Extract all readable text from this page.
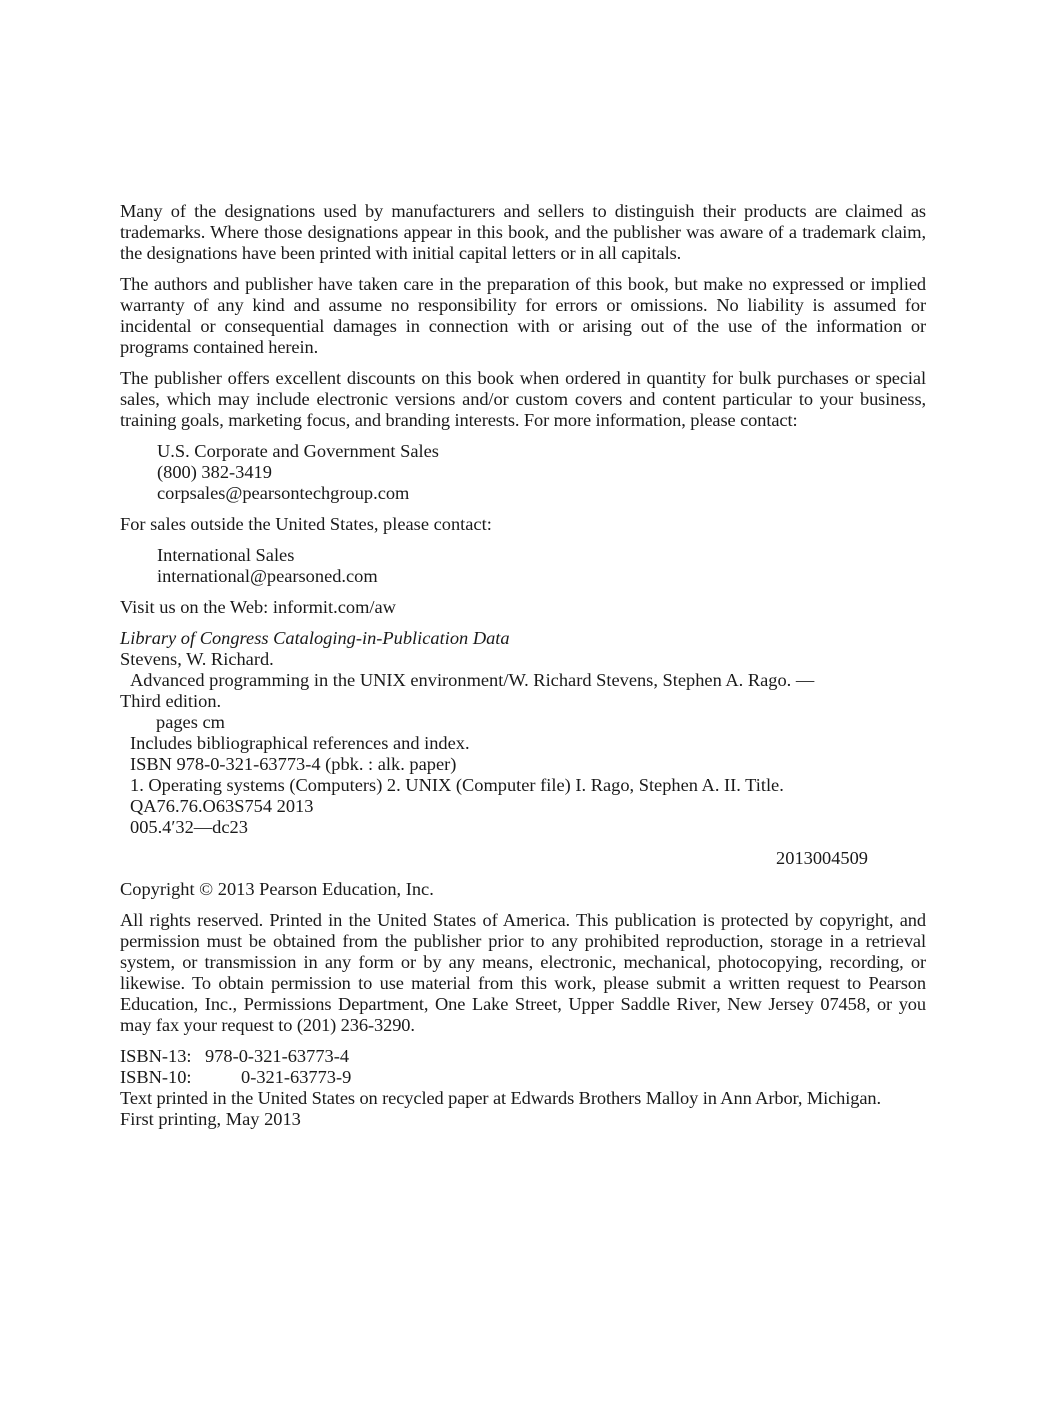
Many of the designations used by manufacturers and sellers to distinguish their products are claimed as trademarks. Where those designations appear in this book, and the publisher was aware of a trademark claim, the designations have been printed with initial capital letters or in all capitals.

The authors and publisher have taken care in the preparation of this book, but make no expressed or implied warranty of any kind and assume no responsibility for errors or omissions. No liability is assumed for incidental or consequential damages in connection with or arising out of the use of the information or programs contained herein.

The publisher offers excellent discounts on this book when ordered in quantity for bulk purchases or special sales, which may include electronic versions and/or custom covers and content particular to your business, training goals, marketing focus, and branding interests. For more information, please contact:

U.S. Corporate and Government Sales
(800) 382-3419
corpsales@pearsontechgroup.com

For sales outside the United States, please contact:

International Sales
international@pearsoned.com

Visit us on the Web: informit.com/aw

Library of Congress Cataloging-in-Publication Data
Stevens, W. Richard.
Advanced programming in the UNIX environment/W. Richard Stevens, Stephen A. Rago. —
Third edition.
pages cm
Includes bibliographical references and index.
ISBN 978-0-321-63773-4 (pbk. : alk. paper)
1. Operating systems (Computers) 2. UNIX (Computer file) I. Rago, Stephen A. II. Title.
QA76.76.O63S754 2013
005.4′32—dc23
2013004509

Copyright © 2013 Pearson Education, Inc.

All rights reserved. Printed in the United States of America. This publication is protected by copyright, and permission must be obtained from the publisher prior to any prohibited reproduction, storage in a retrieval system, or transmission in any form or by any means, electronic, mechanical, photocopying, recording, or likewise. To obtain permission to use material from this work, please submit a written request to Pearson Education, Inc., Permissions Department, One Lake Street, Upper Saddle River, New Jersey 07458, or you may fax your request to (201) 236-3290.

ISBN-13: 978-0-321-63773-4
ISBN-10:	0-321-63773-9

Text printed in the United States on recycled paper at Edwards Brothers Malloy in Ann Arbor, Michigan.

First printing, May 2013
